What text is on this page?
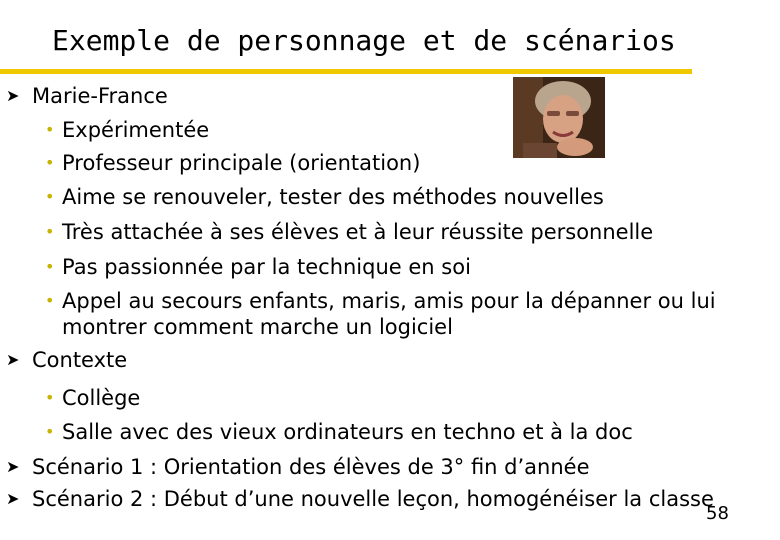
Exemple de personnage et de scénarios
➤ Marie-France
• Expérimentée
• Professeur principale (orientation)
• Aime se renouveler, tester des méthodes nouvelles
• Très attachée à ses élèves et à leur réussite personnelle
• Pas passionnée par la technique en soi
• Appel au secours enfants, maris, amis pour la dépanner ou lui
montrer comment marche un logiciel
➤ Contexte
• Collège
• Salle avec des vieux ordinateurs en techno et à la doc
➤ Scénario 1 : Orientation des élèves de 3° fin d’année
➤ Scénario 2 : Début d’une nouvelle leçon, homogénéiser la classe
58
